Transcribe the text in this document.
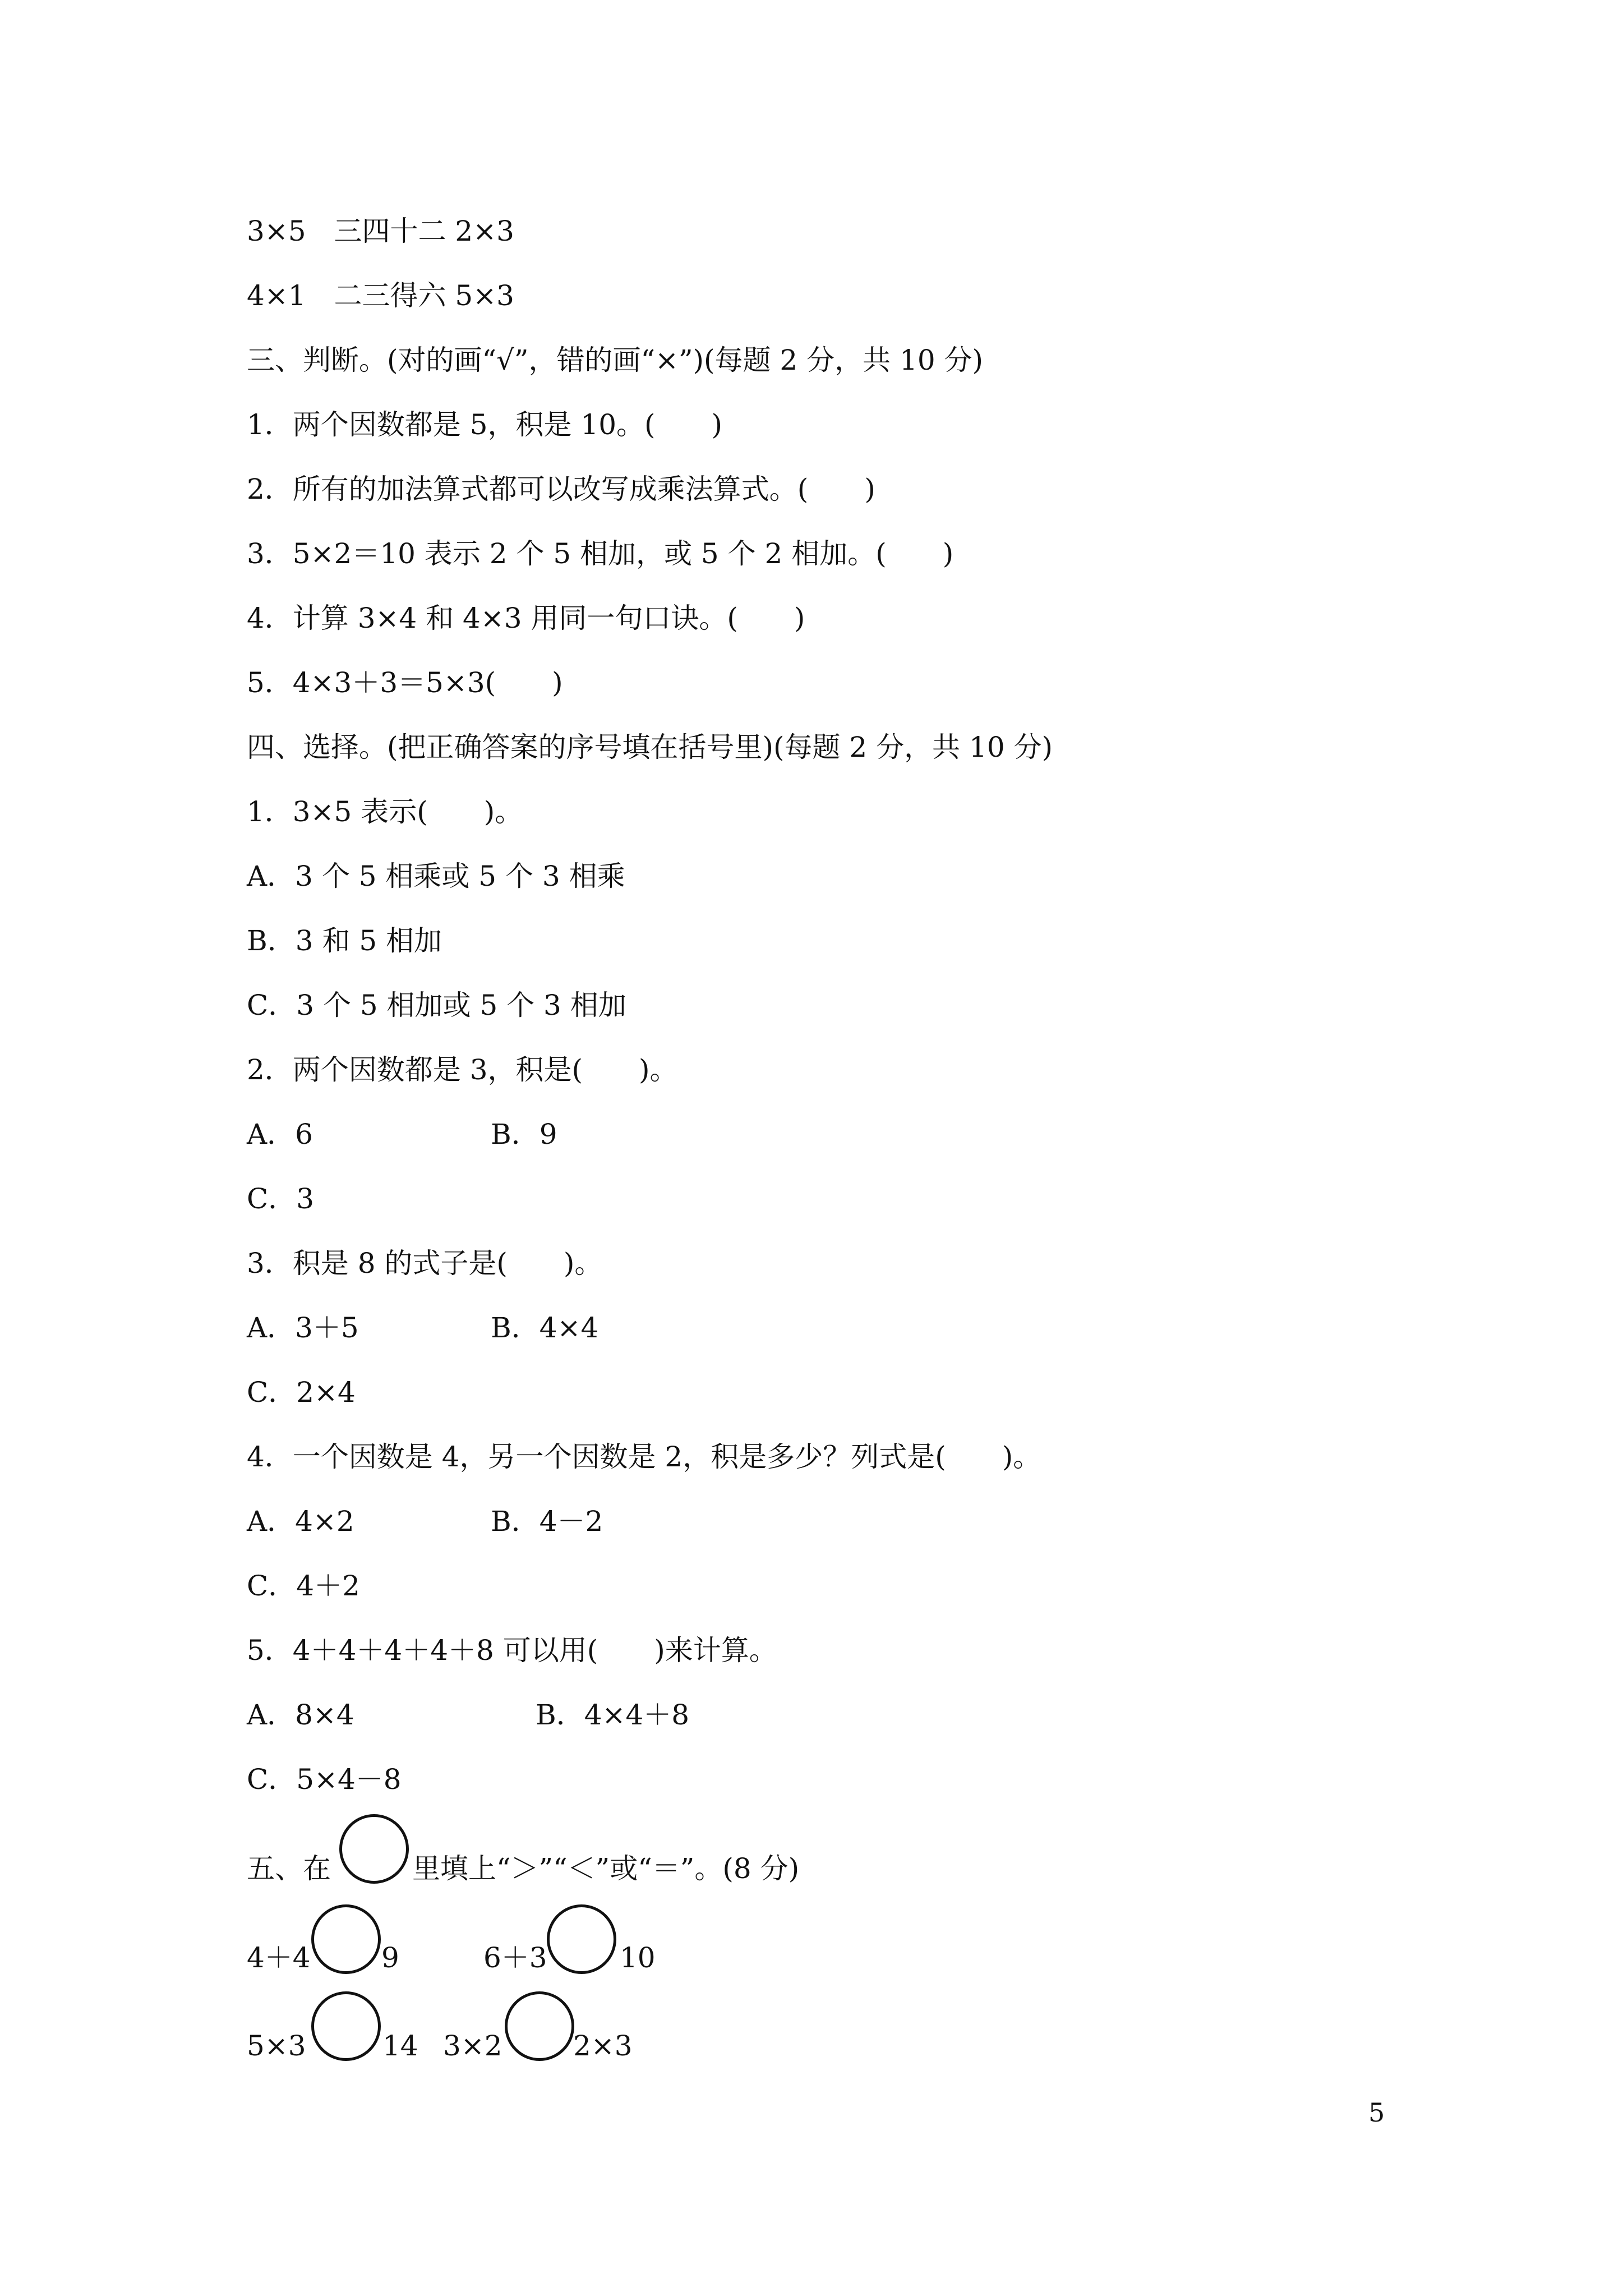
3×5　三四十二 2×3
4×1　二三得六 5×3
三、判断。(对的画“√”，错的画“×”)(每题 2 分，共 10 分)
1．两个因数都是 5，积是 10。(　　)
2．所有的加法算式都可以改写成乘法算式。(　　)
3．5×2＝10 表示 2 个 5 相加，或 5 个 2 相加。(　　)
4．计算 3×4 和 4×3 用同一句口诀。(　　)
5．4×3＋3＝5×3(　　)
四、选择。(把正确答案的序号填在括号里)(每题 2 分，共 10 分)
1．3×5 表示(　　)。
A．3 个 5 相乘或 5 个 3 相乘
B．3 和 5 相加
C．3 个 5 相加或 5 个 3 相加
2．两个因数都是 3，积是(　　)。
A．6	B．9
C．3
3．积是 8 的式子是(　　)。
A．3＋5	B．4×4
C．2×4
4．一个因数是 4，另一个因数是 2，积是多少？列式是(　　)。
A．4×2	B．4－2
C．4＋2
5．4＋4＋4＋4＋8 可以用(　　)来计算。
A．8×4	B．4×4＋8
C．5×4－8
五、在	里填上“＞”“＜”或“＝”。(8 分)
4＋4	9	6＋3	10
5×3	14 3×2	2×3
5
